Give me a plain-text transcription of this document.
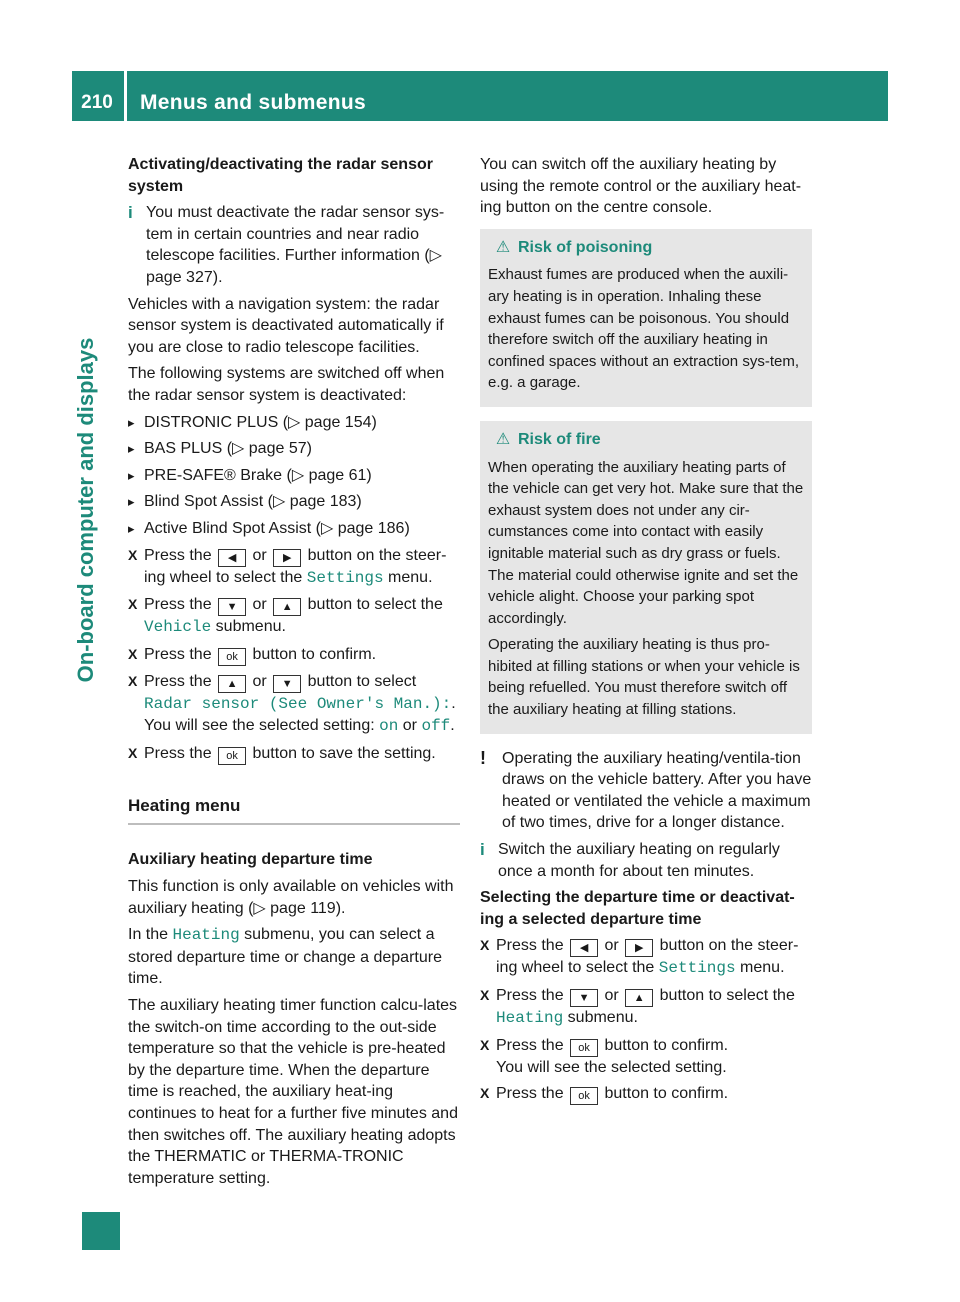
210	Menus and submenus
On-board computer and displays

Activating/deactivating the radar sensor system

i You must deactivate the radar sensor sys-tem in certain countries and near radio telescope facilities. Further information (▷ page 327).

Vehicles with a navigation system: the radar sensor system is deactivated automatically if you are close to radio telescope facilities.

The following systems are switched off when the radar sensor system is deactivated:

▸ DISTRONIC PLUS (▷ page 154)
▸ BAS PLUS (▷ page 57)
▸ PRE-SAFE® Brake (▷ page 61)
▸ Blind Spot Assist (▷ page 183)
▸ Active Blind Spot Assist (▷ page 186)
X Press the ◀ or ▶ button on the steer-ing wheel to select the Settings menu.
X Press the ▼ or ▲ button to select the Vehicle submenu.
X Press the ok button to confirm.
X Press the ▲ or ▼ button to select Radar sensor (See Owner's Man.):.
You will see the selected setting: on or off.
X Press the ok button to save the setting.
Heating menu

Auxiliary heating departure time

This function is only available on vehicles with auxiliary heating (▷ page 119).

In the Heating submenu, you can select a stored departure time or change a departure time.

The auxiliary heating timer function calcu-lates the switch-on time according to the out-side temperature so that the vehicle is pre-heated by the departure time. When the departure time is reached, the auxiliary heat-ing continues to heat for a further five minutes and then switches off. The auxiliary heating adopts the THERMATIC or THERMA-TRONIC temperature setting.

You can switch off the auxiliary heating by using the remote control or the auxiliary heat-ing button on the centre console.

⚠ Risk of poisoning

Exhaust fumes are produced when the auxili-ary heating is in operation. Inhaling these exhaust fumes can be poisonous. You should therefore switch off the auxiliary heating in confined spaces without an extraction sys-tem, e.g. a garage.

⚠ Risk of fire

When operating the auxiliary heating parts of the vehicle can get very hot. Make sure that the exhaust system does not under any cir-cumstances come into contact with easily ignitable material such as dry grass or fuels. The material could otherwise ignite and set the vehicle alight. Choose your parking spot accordingly.

Operating the auxiliary heating is thus pro-hibited at filling stations or when your vehicle is being refuelled. You must therefore switch off the auxiliary heating at filling stations.

!	Operating the auxiliary heating/ventila-tion draws on the vehicle battery. After you have heated or ventilated the vehicle a maximum of two times, drive for a longer distance.
i Switch the auxiliary heating on regularly once a month for about ten minutes.

Selecting the departure time or deactivat-ing a selected departure time

X Press the ◀ or ▶ button on the steer-ing wheel to select the Settings menu.
X Press the ▼ or ▲ button to select the Heating submenu.
X Press the ok button to confirm.
You will see the selected setting.
X Press the ok button to confirm.
